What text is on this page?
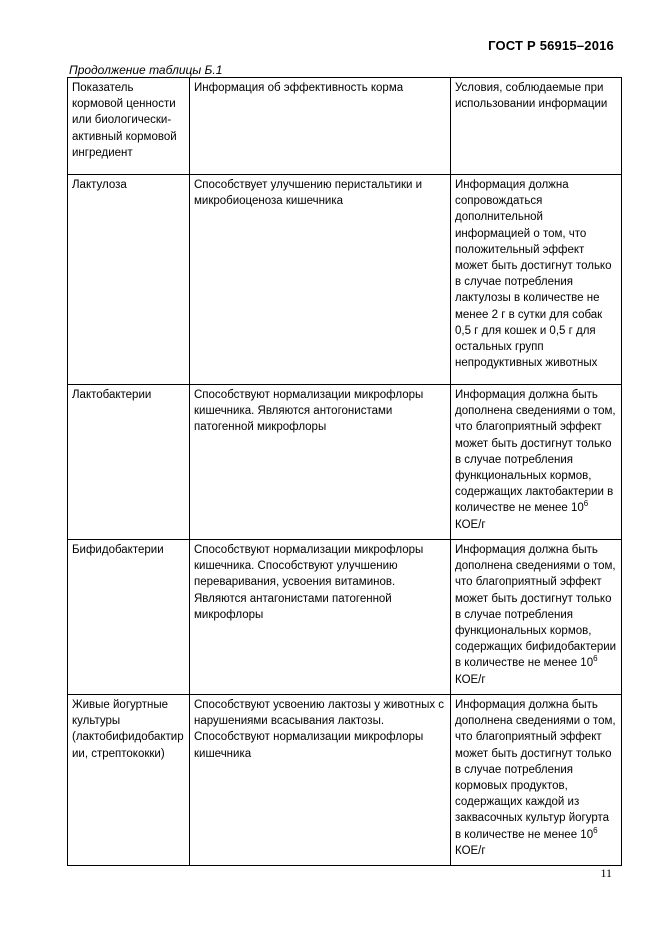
ГОСТ Р 56915–2016
Продолжение таблицы Б.1
Показатель кормовой ценности или биологически-активный кормовой ингредиент	Информация об эффективность корма	Условия, соблюдаемые при использовании информации
Лактулоза	Способствует улучшению перистальтики и микробиоценоза кишечника	Информация должна сопровождаться дополнительной информацией о том, что положительный эффект может быть достигнут только в случае потребления лактулозы в количестве не менее 2 г в сутки для собак 0,5 г для кошек и 0,5 г для остальных групп непродуктивных животных
Лактобактерии	Способствуют нормализации микрофлоры кишечника. Являются антогонистами патогенной микрофлоры	Информация должна быть дополнена сведениями о том, что благоприятный эффект может быть достигнут только в случае потребления функциональных кормов, содержащих лактобактерии в количестве не менее $10^6$ КОЕ/г
Бифидобактерии	Способствуют нормализации микрофлоры кишечника. Способствуют улучшению переваривания, усвоения витаминов. Являются антагонистами патогенной микрофлоры	Информация должна быть дополнена сведениями о том, что благоприятный эффект может быть достигнут только в случае потребления функциональных кормов, содержащих бифидобактерии в количестве не менее $10^6$ КОЕ/г
Живые йогуртные культуры (лактобифидобактирии, стрептококки)	Способствуют усвоению лактозы у животных с нарушениями всасывания лактозы. Способствуют нормализации микрофлоры кишечника	Информация должна быть дополнена сведениями о том, что благоприятный эффект может быть достигнут только в случае потребления кормовых продуктов, содержащих каждой из заквасочных культур йогурта в количестве не менее $10^6$ КОЕ/г
11
